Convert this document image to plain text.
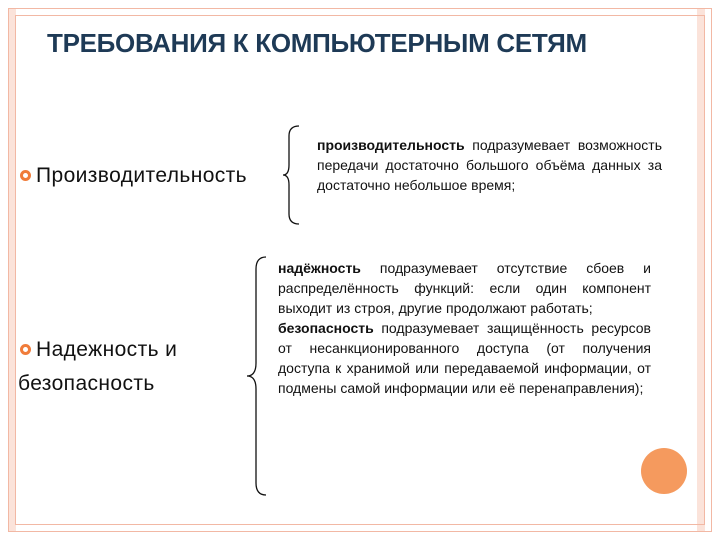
ТРЕБОВАНИЯ К КОМПЬЮТЕРНЫМ СЕТЯМ
Производительность
Надежность и
безопасность
производительность подразумевает возможность передачи достаточно большого объёма данных за достаточно небольшое время;
надёжность подразумевает отсутствие сбоев и распределённость функций: если один компонент выходит из строя, другие продолжают работать;
безопасность подразумевает защищённость ресурсов от несанкционированного доступа (от получения доступа к хранимой или передаваемой информации, от подмены самой информации или её перенаправления);
